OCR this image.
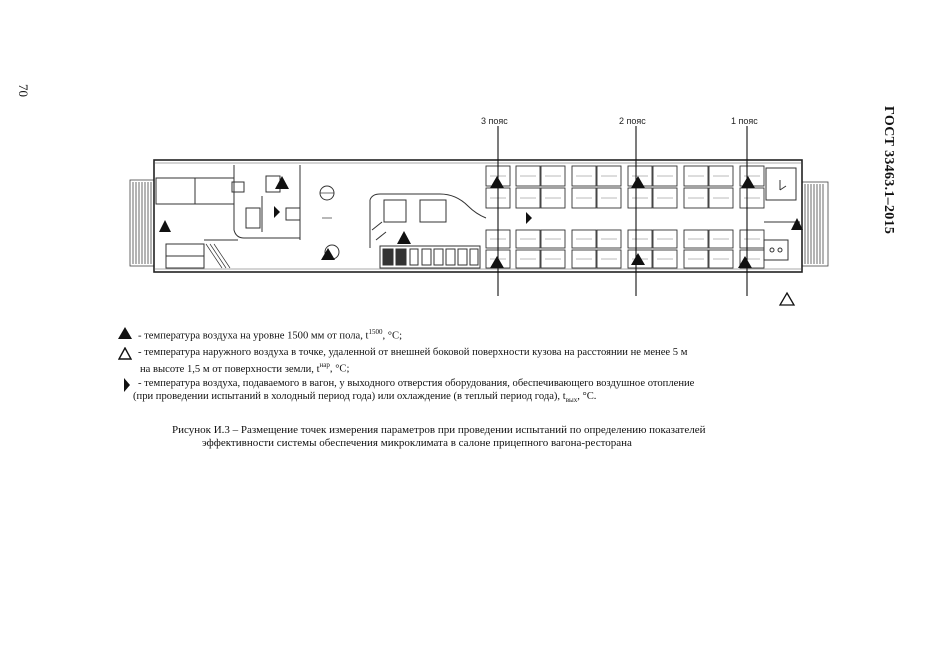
70
ГОСТ 33463.1–2015
3 пояс	2 пояс	1 пояс
- температура воздуха на уровне 1500 мм от пола, $t^{1500}$, °С;
- температура наружного воздуха в точке, удаленной от внешней боковой поверхности кузова на расстоянии не менее 5 м
на высоте 1,5 м от поверхности земли, $t^{нар}$, °С;
- температура воздуха, подаваемого в вагон, у выходного отверстия оборудования, обеспечивающего воздушное отопление
(при проведении испытаний в холодный период года) или охлаждение (в теплый период года), $t_{вых}$, °С.
Рисунок И.3 – Размещение точек измерения параметров при проведении испытаний по определению показателей
эффективности системы обеспечения микроклимата в салоне прицепного вагона-ресторана
